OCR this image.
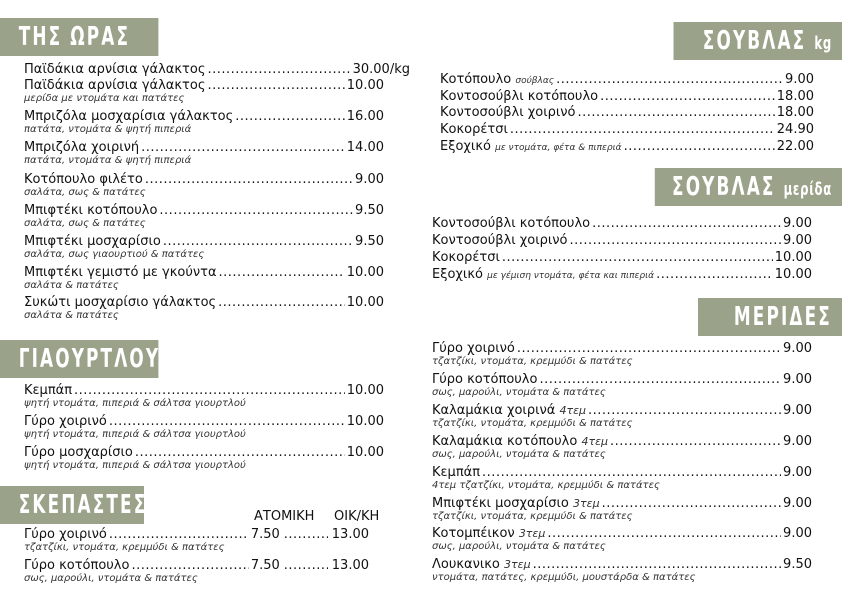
ΤΗΣ ΩΡΑΣ
ΓΙΑΟΥΡΤΛΟΥ
ΣΚΕΠΑΣΤΕΣ
ΣΟΥΒΛΑΣ kg
ΣΟΥΒΛΑΣ μερίδα
ΜΕΡΙΔΕΣ
Παϊδάκια αρνίσια γάλακτος .....	30.00/kg
Παϊδάκια αρνίσια γάλακτος .....	10.00
μερίδα με ντομάτα και πατάτες
Μπριζόλα μοσχαρίσια γάλακτος .....	16.00
πατάτα, ντομάτα & ψητή πιπεριά
Μπριζόλα χοιρινή .....	14.00
πατάτα, ντομάτα & ψητή πιπεριά
Κοτόπουλο φιλέτο .....	9.00
σαλάτα, σως & πατάτες
Μπιφτέκι κοτόπουλο .....	9.50
σαλάτα, σως & πατάτες
Μπιφτέκι μοσχαρίσιο .....	9.50
σαλάτα, σως γιαουρτιού & πατάτες
Μπιφτέκι γεμιστό με γκούντα .....	10.00
σαλάτα & πατάτες
Συκώτι μοσχαρίσιο γάλακτος .....	10.00
σαλάτα & πατάτες
Κεμπάπ .....	10.00
ψητή ντομάτα, πιπεριά & σάλτσα γιουρτλού
Γύρο χοιρινό .....	10.00
ψητή ντομάτα, πιπεριά & σάλτσα γιουρτλού
Γύρο μοσχαρίσιο .....	10.00
ψητή ντομάτα, πιπεριά & σάλτσα γιουρτλού
ΑΤΟΜΙΚΗ ΟΙΚ/ΚΗ
Γύρο χοιρινό .....	7.50 .....	13.00
τζατζίκι, ντομάτα, κρεμμύδι & πατάτες
Γύρο κοτόπουλο .....	7.50 .....	13.00
σως, μαρούλι, ντομάτα & πατάτες
Κοτόπουλο σούβλας .....	9.00
Κοντοσούβλι κοτόπουλο .....	18.00
Κοντοσούβλι χοιρινό .....	18.00
Κοκορέτσι .....	24.90
Εξοχικό με ντομάτα, φέτα & πιπεριά .....	22.00
Κοντοσούβλι κοτόπουλο .....	9.00
Κοντοσούβλι χοιρινό .....	9.00
Κοκορέτσι .....	10.00
Εξοχικό με γέμιση ντομάτα, φέτα και πιπεριά .....	10.00
Γύρο χοιρινό .....	9.00
τζατζίκι, ντομάτα, κρεμμύδι & πατάτες
Γύρο κοτόπουλο .....	9.00
σως, μαρούλι, ντομάτα & πατάτες
Καλαμάκια χοιρινά 4τεμ .....	9.00
τζατζίκι, ντομάτα, κρεμμύδι & πατάτες
Καλαμάκια κοτόπουλο 4τεμ .....	9.00
σως, μαρούλι, ντομάτα & πατάτες
Κεμπάπ .....	9.00
4τεμ τζατζίκι, ντομάτα, κρεμμύδι & πατάτες
Μπιφτέκι μοσχαρίσιο 3τεμ .....	9.00
τζατζίκι, ντομάτα, κρεμμύδι & πατάτες
Κοτομπέικον 3τεμ .....	9.00
σως, μαρούλι, ντομάτα & πατάτες
Λουκανικο 3τεμ .....	9.50
ντομάτα, πατάτες, κρεμμύδι, μουστάρδα & πατάτες
